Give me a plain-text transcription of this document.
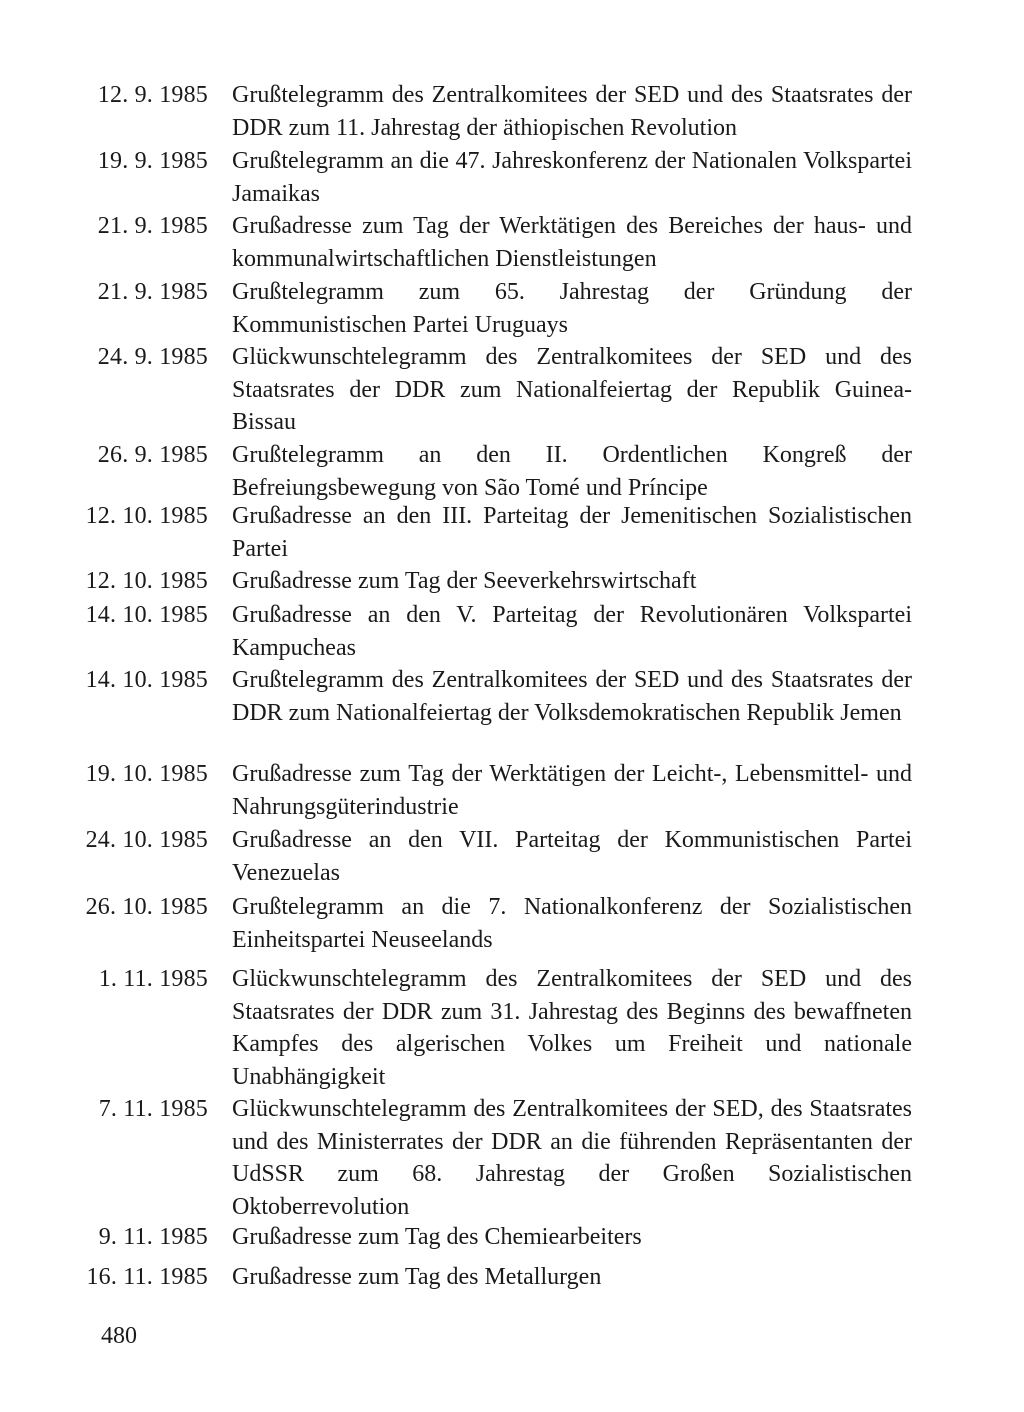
12. 9. 1985 Grußtelegramm des Zentralkomitees der SED und des Staatsrates der DDR zum 11. Jahrestag der äthiopischen Revolution
19. 9. 1985 Grußtelegramm an die 47. Jahreskonferenz der Nationalen Volkspartei Jamaikas
21. 9. 1985 Grußadresse zum Tag der Werktätigen des Bereiches der haus- und kommunalwirtschaftlichen Dienstleistungen
21. 9. 1985 Grußtelegramm zum 65. Jahrestag der Gründung der Kommunistischen Partei Uruguays
24. 9. 1985 Glückwunschtelegramm des Zentralkomitees der SED und des Staatsrates der DDR zum Nationalfeiertag der Republik Guinea-Bissau
26. 9. 1985 Grußtelegramm an den II. Ordentlichen Kongreß der Befreiungsbewegung von São Tomé und Príncipe
12. 10. 1985 Grußadresse an den III. Parteitag der Jemenitischen Sozialistischen Partei
12. 10. 1985 Grußadresse zum Tag der Seeverkehrswirtschaft
14. 10. 1985 Grußadresse an den V. Parteitag der Revolutionären Volkspartei Kampucheas
14. 10. 1985 Grußtelegramm des Zentralkomitees der SED und des Staatsrates der DDR zum Nationalfeiertag der Volksdemokratischen Republik Jemen
19. 10. 1985 Grußadresse zum Tag der Werktätigen der Leicht-, Lebensmittel- und Nahrungsgüterindustrie
24. 10. 1985 Grußadresse an den VII. Parteitag der Kommunistischen Partei Venezuelas
26. 10. 1985 Grußtelegramm an die 7. Nationalkonferenz der Sozialistischen Einheitspartei Neuseelands
1. 11. 1985 Glückwunschtelegramm des Zentralkomitees der SED und des Staatsrates der DDR zum 31. Jahrestag des Beginns des bewaffneten Kampfes des algerischen Volkes um Freiheit und nationale Unabhängigkeit
7. 11. 1985 Glückwunschtelegramm des Zentralkomitees der SED, des Staatsrates und des Ministerrates der DDR an die führenden Repräsentanten der UdSSR zum 68. Jahrestag der Großen Sozialistischen Oktoberrevolution
9. 11. 1985 Grußadresse zum Tag des Chemiearbeiters
16. 11. 1985 Grußadresse zum Tag des Metallurgen
480
